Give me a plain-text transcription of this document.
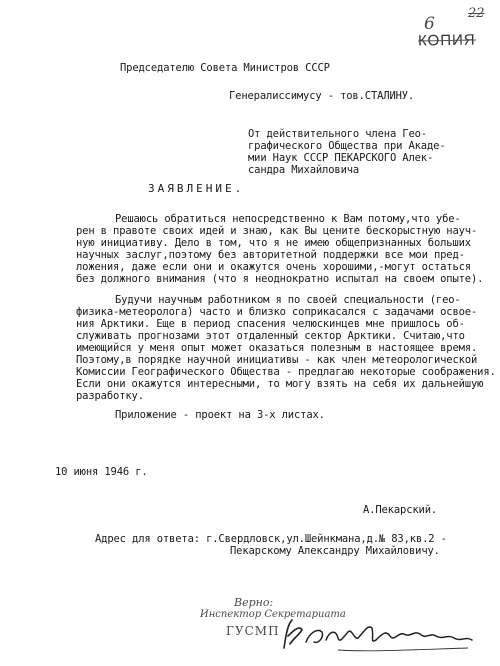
6
22
КОПИЯ
Председателю Совета Министров СССР
Генералиссимусу - тов.СТАЛИНУ.
От действительного члена Гео-
графического Общества при Акаде-
мии Наук СССР ПЕКАРСКОГО Алек-
сандра Михайловича
ЗАЯВЛЕНИЕ.
Решаюсь обратиться непосредственно к Вам потому,что убе-
рен в правоте своих идей и знаю, как Вы цените бескорыстную науч-
ную инициативу. Дело в том, что я не имею общепризнанных больших
научных заслуг,поэтому без авторитетной поддержки все мои пред-
ложения, даже если они и окажутся очень хорошими,-могут остаться
без должного внимания (что я неоднократно испытал на своем опыте).
Будучи научным работником я по своей специальности (гео-
физика-метеоролога) часто и близко соприкасался с задачами освое-
ния Арктики. Еще в период спасения челюскинцев мне пришлось об-
служивать прогнозами этот отдаленный сектор Арктики. Считаю,что
имеющийся у меня опыт может оказаться полезным в настоящее время.
Поэтому,в порядке научной инициативы - как член метеорологической
Комиссии Географического Общества - предлагаю некоторые соображения.
Если они окажутся интересными, то могу взять на себя их дальнейшую
разработку.
Приложение - проект на 3-х листах.
10 июня 1946 г.
А.Пекарский.
Адрес для ответа: г.Свердловск,ул.Шейнкмана,д.№ 83,кв.2 -
Пекарскому Александру Михайловичу.
Верно:
Инспектор Секретариата
ГУСМП
